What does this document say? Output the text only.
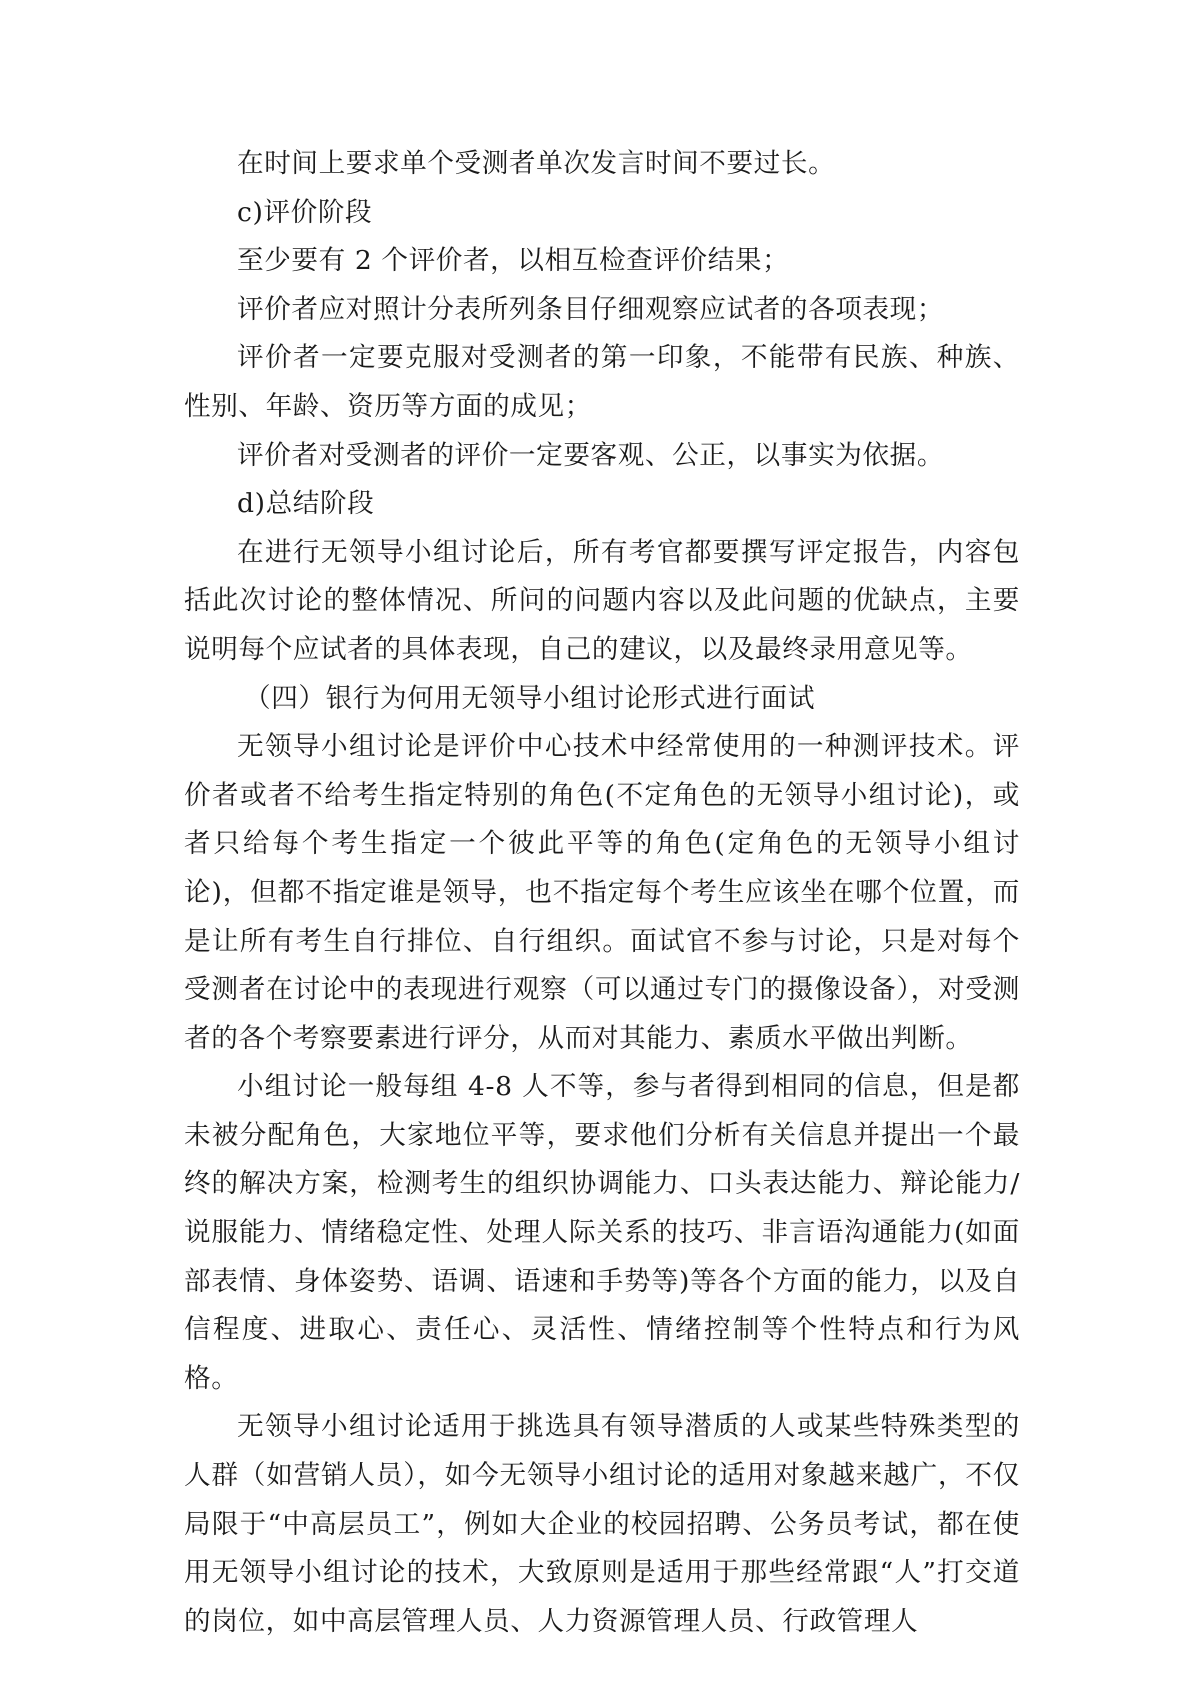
在时间上要求单个受测者单次发言时间不要过长。

c)评价阶段

至少要有 2 个评价者，以相互检查评价结果；

评价者应对照计分表所列条目仔细观察应试者的各项表现；

评价者一定要克服对受测者的第一印象，不能带有民族、种族、性别、年龄、资历等方面的成见；

评价者对受测者的评价一定要客观、公正，以事实为依据。

d)总结阶段

在进行无领导小组讨论后，所有考官都要撰写评定报告，内容包括此次讨论的整体情况、所问的问题内容以及此问题的优缺点，主要说明每个应试者的具体表现，自己的建议，以及最终录用意见等。

（四）银行为何用无领导小组讨论形式进行面试

无领导小组讨论是评价中心技术中经常使用的一种测评技术。评价者或者不给考生指定特别的角色(不定角色的无领导小组讨论)，或者只给每个考生指定一个彼此平等的角色(定角色的无领导小组讨论)，但都不指定谁是领导，也不指定每个考生应该坐在哪个位置，而是让所有考生自行排位、自行组织。面试官不参与讨论，只是对每个受测者在讨论中的表现进行观察（可以通过专门的摄像设备），对受测者的各个考察要素进行评分，从而对其能力、素质水平做出判断。

小组讨论一般每组 4-8 人不等，参与者得到相同的信息，但是都未被分配角色，大家地位平等，要求他们分析有关信息并提出一个最终的解决方案，检测考生的组织协调能力、口头表达能力、辩论能力/说服能力、情绪稳定性、处理人际关系的技巧、非言语沟通能力(如面部表情、身体姿势、语调、语速和手势等)等各个方面的能力，以及自信程度、进取心、责任心、灵活性、情绪控制等个性特点和行为风格。

无领导小组讨论适用于挑选具有领导潜质的人或某些特殊类型的人群（如营销人员），如今无领导小组讨论的适用对象越来越广，不仅局限于“中高层员工”，例如大企业的校园招聘、公务员考试，都在使用无领导小组讨论的技术，大致原则是适用于那些经常跟“人”打交道的岗位，如中高层管理人员、人力资源管理人员、行政管理人
